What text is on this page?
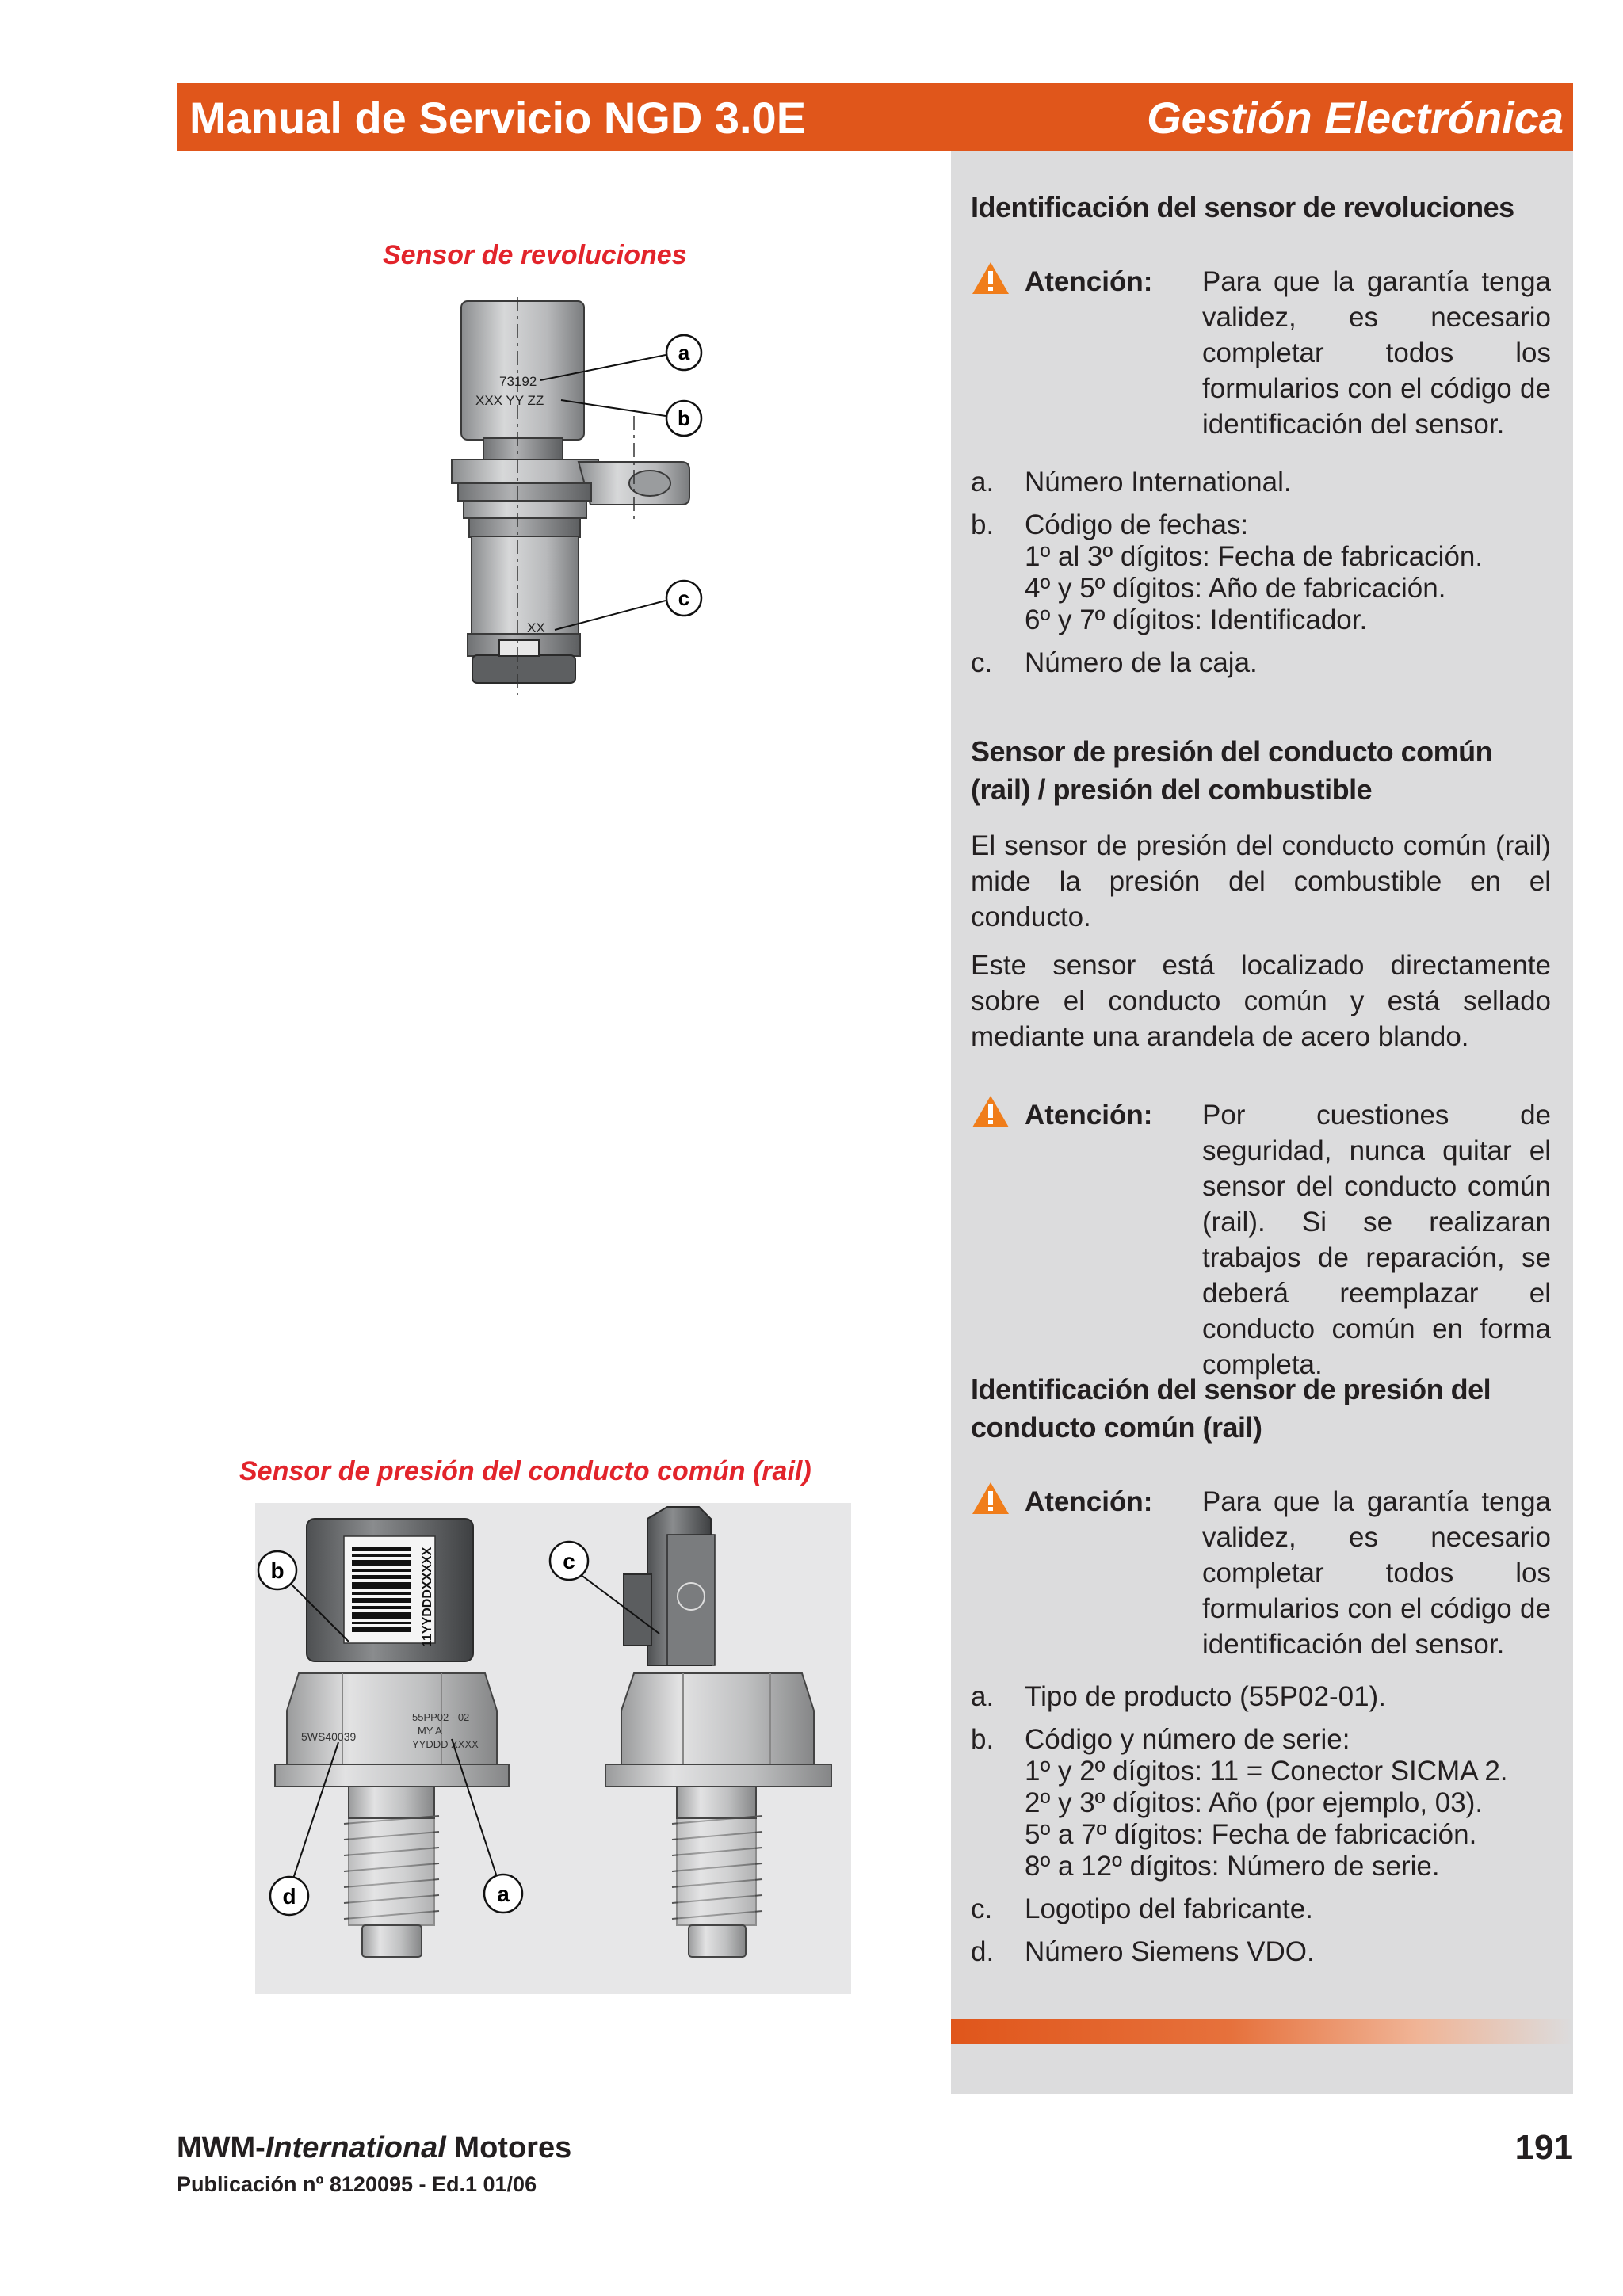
Manual de Servicio NGD 3.0E	Gestión Electrónica
Sensor de revoluciones
73192
XXX YY ZZ
XX
a
b
c
Sensor de presión del conducto común (rail)
11YYDDDXXXXX
5WS40039
55PP02 - 02
MY A
YYDDD XXXX
b	c
d	a
Identificación del sensor de revoluciones
Atención: Para que la garantía tenga validez, es necesario completar todos los formularios con el código de identificación del sensor.

a.	Número International.
b.	Código de fechas:
1º al 3º dígitos: Fecha de fabricación.
4º y 5º dígitos: Año de fabricación.
6º y 7º dígitos: Identificador.
c.	Número de la caja.
Sensor de presión del conducto común (rail) / presión del combustible

El sensor de presión del conducto común (rail) mide la presión del combustible en el conducto.

Este sensor está localizado directamente sobre el conducto común y está sellado mediante una arandela de acero blando.

Atención: Por cuestiones de seguridad, nunca quitar el sensor del conducto común (rail). Si se realizaran trabajos de reparación, se deberá reemplazar el conducto común en forma completa.

Identificación del sensor de presión del conducto común (rail)
Atención: Para que la garantía tenga validez, es necesario completar todos los formularios con el código de identificación del sensor.

a.	Tipo de producto (55P02-01).
b.	Código y número de serie:
1º y 2º dígitos: 11 = Conector SICMA 2.
2º y 3º dígitos: Año (por ejemplo, 03).
5º a 7º dígitos: Fecha de fabricación.
8º a 12º dígitos: Número de serie.
c.	Logotipo del fabricante.
d.	Número Siemens VDO.
MWM-International Motores
Publicación nº 8120095 - Ed.1 01/06
191
